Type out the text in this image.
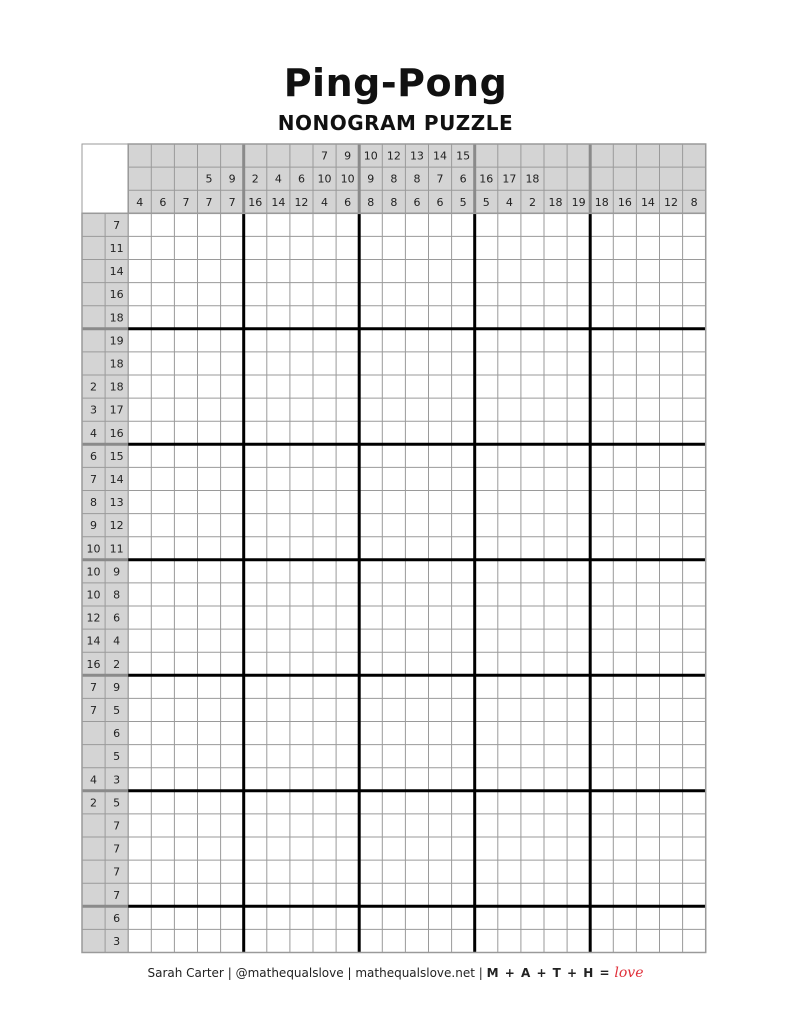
Ping-Pong
NONOGRAM PUZZLE
4 6 7
5
7
9
7
2
16
4
14
6
12
7
10
4
9
10
6
10
9
8
12
8
8
13
8
6
14
7
6
15
6
5
16
5
17
4
18
2 18 19 18 16 14 12 8
7
11
14
16
18
19
18
2 18
3 17
4 16
6 15
7 14
8 13
9 12
10 11
10 9
10 8
12 6
14 4
16 2
7 9
7 5
6
5
4 3
2 5
7
7
7
7
6
3
Sarah Carter | @mathequalslove | mathequalslove.net | M + A + T + H = love
